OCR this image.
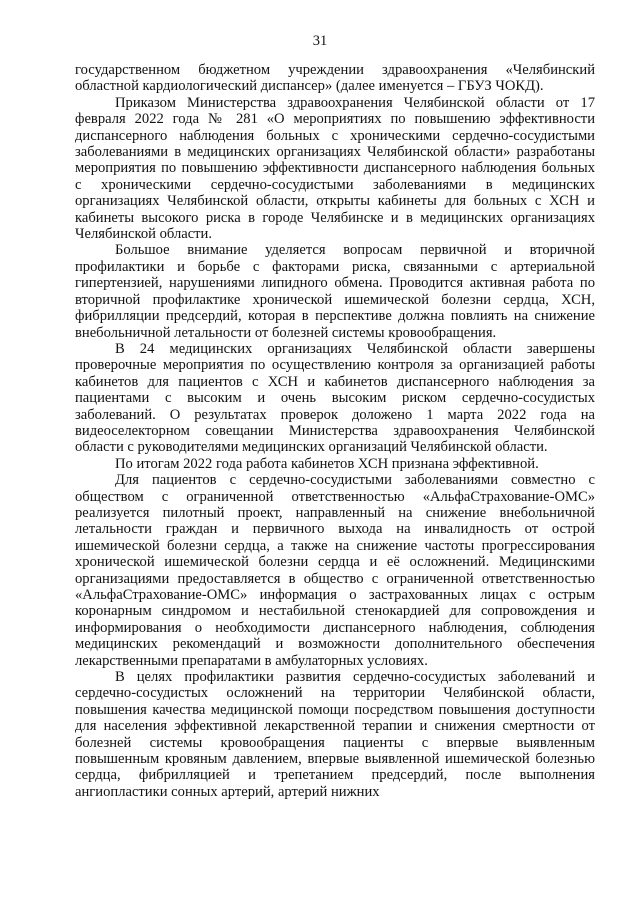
31

государственном бюджетном учреждении здравоохранения «Челябинский областной кардиологический диспансер» (далее именуется – ГБУЗ ЧОКД).

Приказом Министерства здравоохранения Челябинской области от 17 февраля 2022 года № 281 «О мероприятиях по повышению эффективности диспансерного наблюдения больных с хроническими сердечно-сосудистыми заболеваниями в медицинских организациях Челябинской области» разработаны мероприятия по повышению эффективности диспансерного наблюдения больных с хроническими сердечно-сосудистыми заболеваниями в медицинских организациях Челябинской области, открыты кабинеты для больных с ХСН и кабинеты высокого риска в городе Челябинске и в медицинских организациях Челябинской области.

Большое внимание уделяется вопросам первичной и вторичной профилактики и борьбе с факторами риска, связанными с артериальной гипертензией, нарушениями липидного обмена. Проводится активная работа по вторичной профилактике хронической ишемической болезни сердца, ХСН, фибрилляции предсердий, которая в перспективе должна повлиять на снижение внебольничной летальности от болезней системы кровообращения.

В 24 медицинских организациях Челябинской области завершены проверочные мероприятия по осуществлению контроля за организацией работы кабинетов для пациентов с ХСН и кабинетов диспансерного наблюдения за пациентами с высоким и очень высоким риском сердечно-сосудистых заболеваний. О результатах проверок доложено 1 марта 2022 года на видеоселекторном совещании Министерства здравоохранения Челябинской области с руководителями медицинских организаций Челябинской области.

По итогам 2022 года работа кабинетов ХСН признана эффективной.

Для пациентов с сердечно-сосудистыми заболеваниями совместно с обществом с ограниченной ответственностью «АльфаСтрахование-ОМС» реализуется пилотный проект, направленный на снижение внебольничной летальности граждан и первичного выхода на инвалидность от острой ишемической болезни сердца, а также на снижение частоты прогрессирования хронической ишемической болезни сердца и её осложнений. Медицинскими организациями предоставляется в общество с ограниченной ответственностью «АльфаСтрахование-ОМС» информация о застрахованных лицах с острым коронарным синдромом и нестабильной стенокардией для сопровождения и информирования о необходимости диспансерного наблюдения, соблюдения медицинских рекомендаций и возможности дополнительного обеспечения лекарственными препаратами в амбулаторных условиях.

В целях профилактики развития сердечно-сосудистых заболеваний и сердечно-сосудистых осложнений на территории Челябинской области, повышения качества медицинской помощи посредством повышения доступности для населения эффективной лекарственной терапии и снижения смертности от болезней системы кровообращения пациенты с впервые выявленным повышенным кровяным давлением, впервые выявленной ишемической болезнью сердца, фибрилляцией и трепетанием предсердий, после выполнения ангиопластики сонных артерий, артерий нижних
